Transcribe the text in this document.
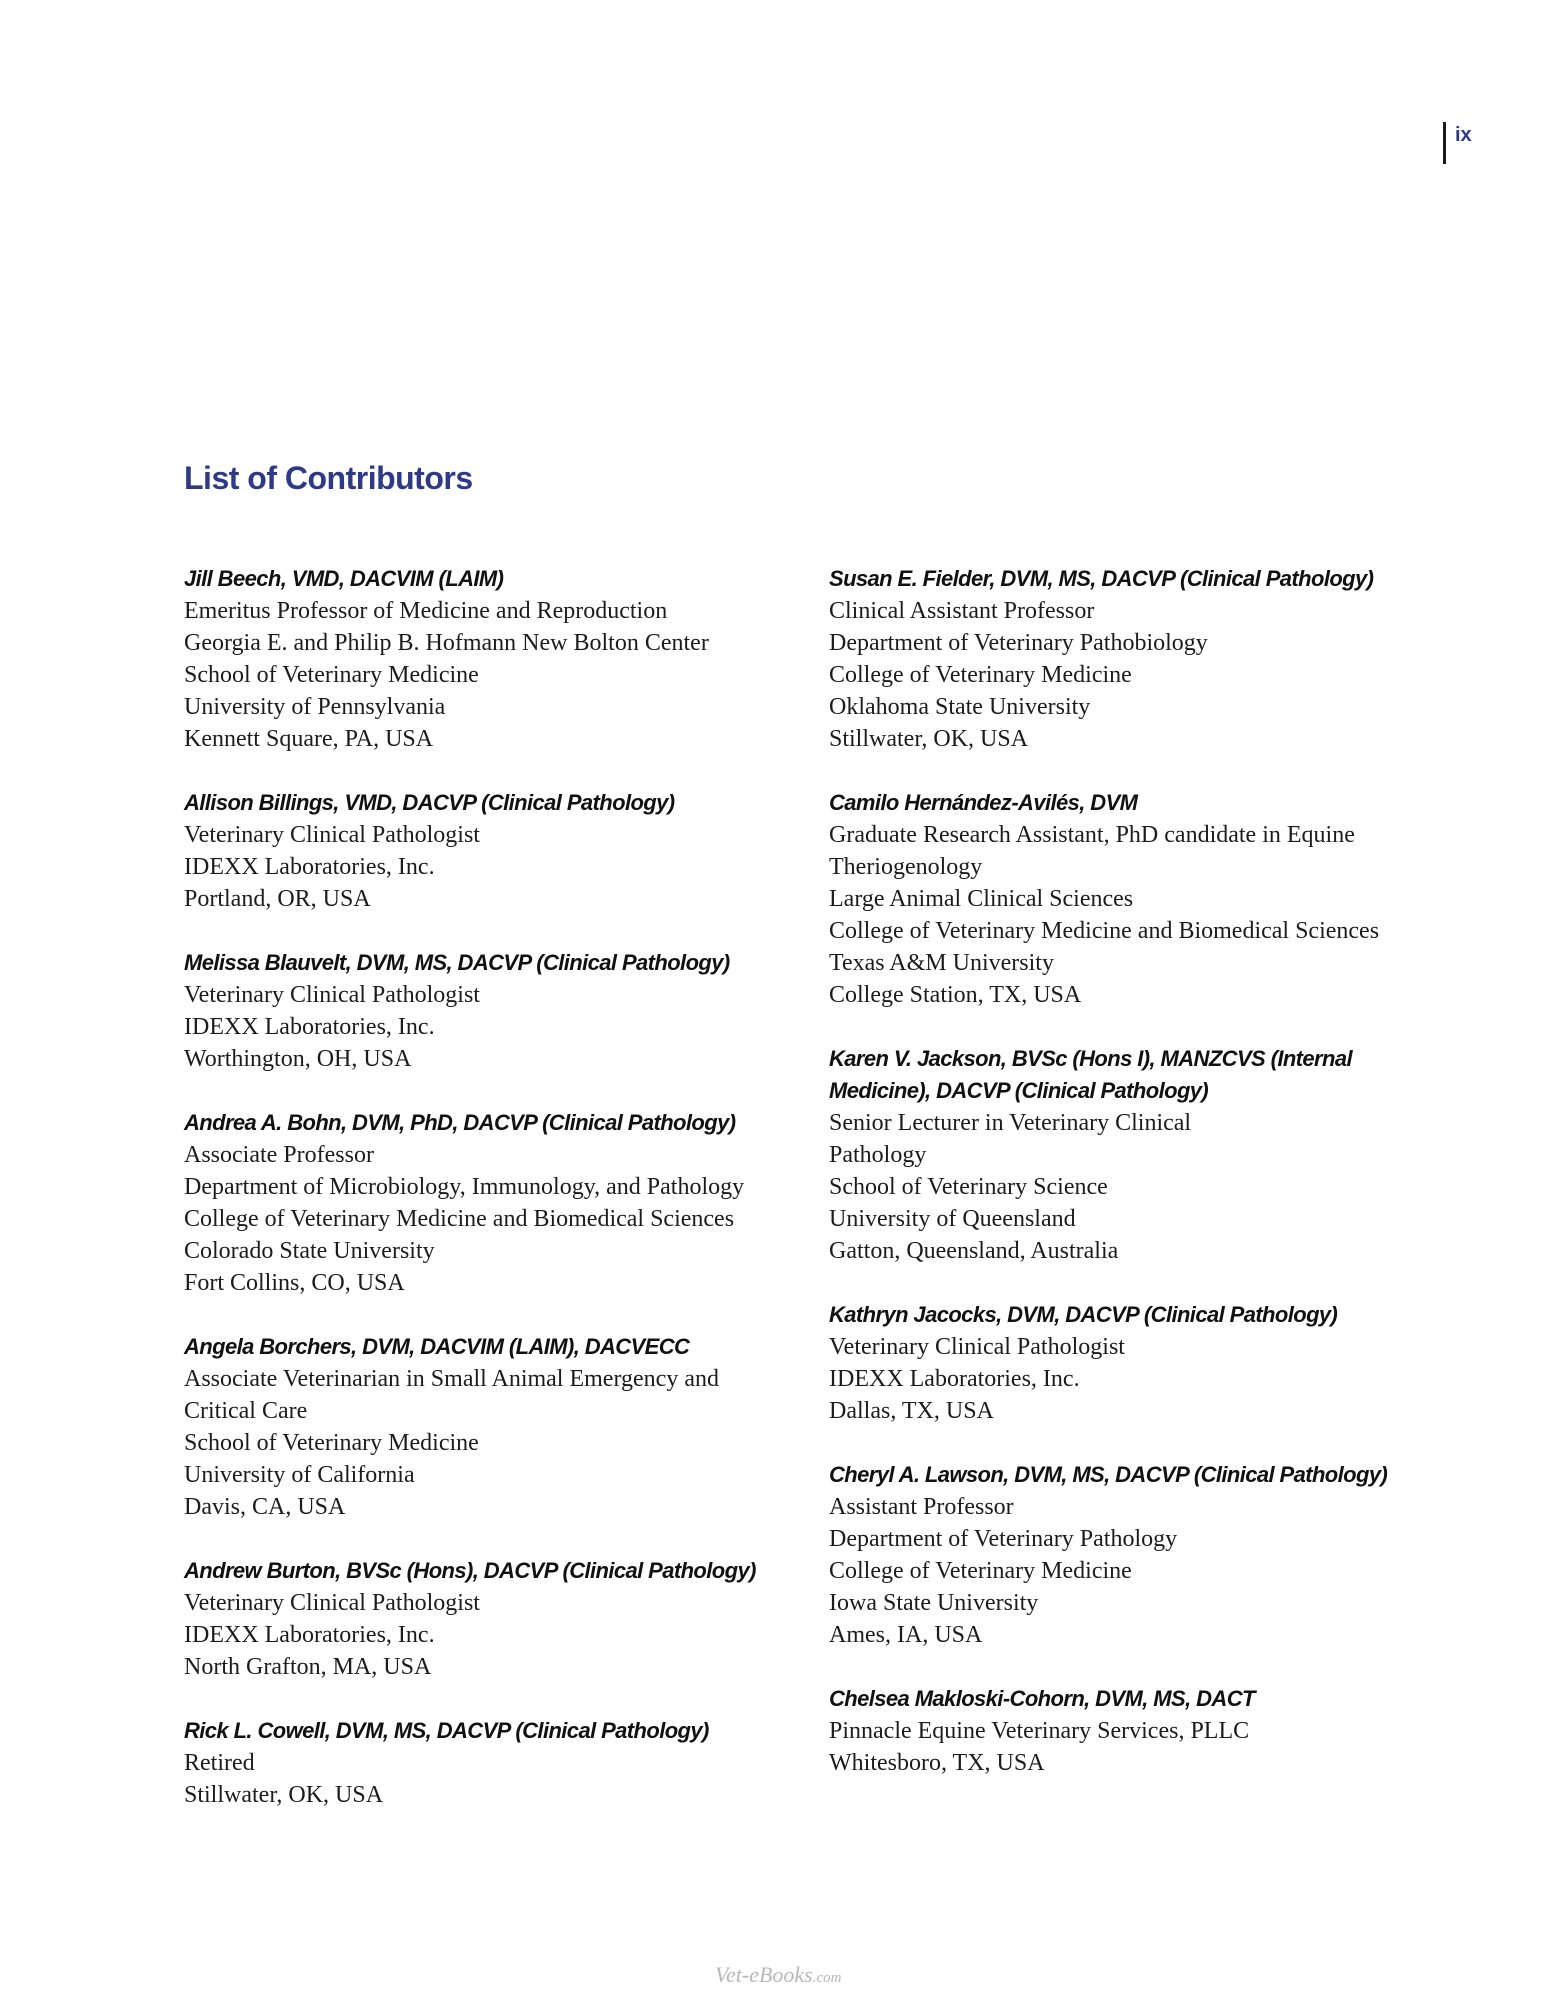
ix
List of Contributors
Jill Beech, VMD, DACVIM (LAIM)
Emeritus Professor of Medicine and Reproduction
Georgia E. and Philip B. Hofmann New Bolton Center
School of Veterinary Medicine
University of Pennsylvania
Kennett Square, PA, USA
Allison Billings, VMD, DACVP (Clinical Pathology)
Veterinary Clinical Pathologist
IDEXX Laboratories, Inc.
Portland, OR, USA
Melissa Blauvelt, DVM, MS, DACVP (Clinical Pathology)
Veterinary Clinical Pathologist
IDEXX Laboratories, Inc.
Worthington, OH, USA
Andrea A. Bohn, DVM, PhD, DACVP (Clinical Pathology)
Associate Professor
Department of Microbiology, Immunology, and Pathology
College of Veterinary Medicine and Biomedical Sciences
Colorado State University
Fort Collins, CO, USA
Angela Borchers, DVM, DACVIM (LAIM), DACVECC
Associate Veterinarian in Small Animal Emergency and
Critical Care
School of Veterinary Medicine
University of California
Davis, CA, USA
Andrew Burton, BVSc (Hons), DACVP (Clinical Pathology)
Veterinary Clinical Pathologist
IDEXX Laboratories, Inc.
North Grafton, MA, USA
Rick L. Cowell, DVM, MS, DACVP (Clinical Pathology)
Retired
Stillwater, OK, USA
Susan E. Fielder, DVM, MS, DACVP (Clinical Pathology)
Clinical Assistant Professor
Department of Veterinary Pathobiology
College of Veterinary Medicine
Oklahoma State University
Stillwater, OK, USA
Camilo Hernández-Avilés, DVM
Graduate Research Assistant, PhD candidate in Equine
Theriogenology
Large Animal Clinical Sciences
College of Veterinary Medicine and Biomedical Sciences
Texas A&M University
College Station, TX, USA
Karen V. Jackson, BVSc (Hons I), MANZCVS (Internal Medicine), DACVP (Clinical Pathology)
Senior Lecturer in Veterinary Clinical
Pathology
School of Veterinary Science
University of Queensland
Gatton, Queensland, Australia
Kathryn Jacocks, DVM, DACVP (Clinical Pathology)
Veterinary Clinical Pathologist
IDEXX Laboratories, Inc.
Dallas, TX, USA
Cheryl A. Lawson, DVM, MS, DACVP (Clinical Pathology)
Assistant Professor
Department of Veterinary Pathology
College of Veterinary Medicine
Iowa State University
Ames, IA, USA
Chelsea Makloski-Cohorn, DVM, MS, DACT
Pinnacle Equine Veterinary Services, PLLC
Whitesboro, TX, USA
Vet-eBooks.com
